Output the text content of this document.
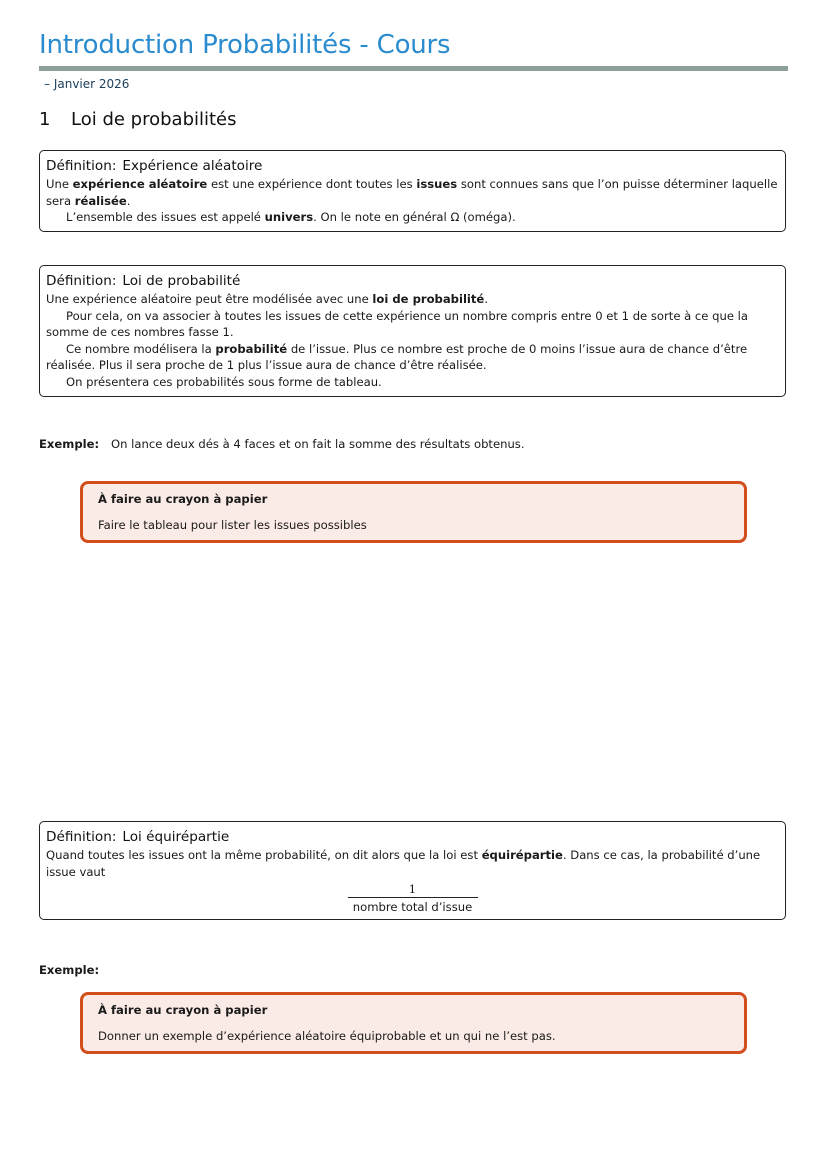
Introduction Probabilités - Cours
– Janvier 2026
1 Loi de probabilités
Définition: Expérience aléatoire

Une expérience aléatoire est une expérience dont toutes les issues sont connues sans que l’on puisse déterminer laquelle sera réalisée.

L’ensemble des issues est appelé univers. On le note en général Ω (oméga).

Définition: Loi de probabilité

Une expérience aléatoire peut être modélisée avec une loi de probabilité.

Pour cela, on va associer à toutes les issues de cette expérience un nombre compris entre 0 et 1 de sorte à ce que la somme de ces nombres fasse 1.

Ce nombre modélisera la probabilité de l’issue. Plus ce nombre est proche de 0 moins l’issue aura de chance d’être réalisée. Plus il sera proche de 1 plus l’issue aura de chance d’être réalisée.

On présentera ces probabilités sous forme de tableau.

Exemple: On lance deux dés à 4 faces et on fait la somme des résultats obtenus.
À faire au crayon à papier
Faire le tableau pour lister les issues possibles
Définition: Loi équirépartie

Quand toutes les issues ont la même probabilité, on dit alors que la loi est équirépartie. Dans ce cas, la probabilité d’une issue vaut

1
nombre total d’issue
Exemple:
À faire au crayon à papier
Donner un exemple d’expérience aléatoire équiprobable et un qui ne l’est pas.
